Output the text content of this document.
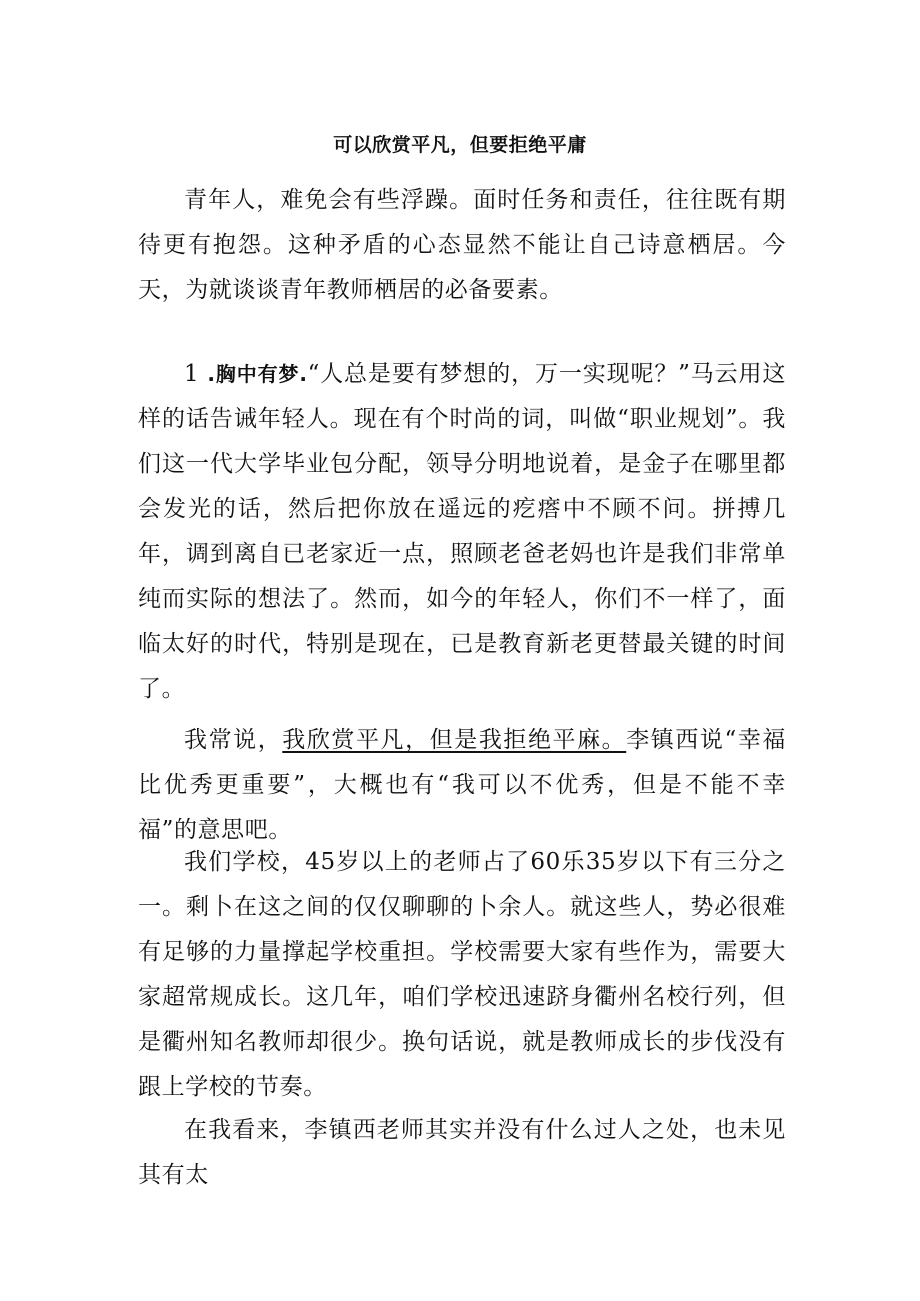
可以欣赏平凡，但要拒绝平庸

青年人，难免会有些浮躁。面时任务和责任，往往既有期待更有抱怨。这种矛盾的心态显然不能让自己诗意栖居。今天，为就谈谈青年教师栖居的必备要素。

1 .胸中有梦.“人总是要有梦想的，万一实现呢？”马云用这样的话告诫年轻人。现在有个时尚的词，叫做“职业规划”。我们这一代大学毕业包分配，领导分明地说着，是金子在哪里都会发光的话，然后把你放在遥远的疙瘩中不顾不问。拼搏几年，调到离自已老家近一点，照顾老爸老妈也许是我们非常单纯而实际的想法了。然而，如今的年轻人，你们不一样了，面临太好的时代，特别是现在，已是教育新老更替最关键的时间了。

我常说，我欣赏平凡，但是我拒绝平麻。李镇西说“幸福比优秀更重要”，大概也有“我可以不优秀，但是不能不幸福”的意思吧。

我们学校，45岁以上的老师占了60乐35岁以下有三分之一。剩卜在这之间的仅仅聊聊的卜余人。就这些人，势必很难有足够的力量撑起学校重担。学校需要大家有些作为，需要大家超常规成长。这几年，咱们学校迅速跻身衢州名校行列，但是衢州知名教师却很少。换句话说，就是教师成长的步伐没有跟上学校的节奏。

在我看来，李镇西老师其实并没有什么过人之处，也未见其有太
